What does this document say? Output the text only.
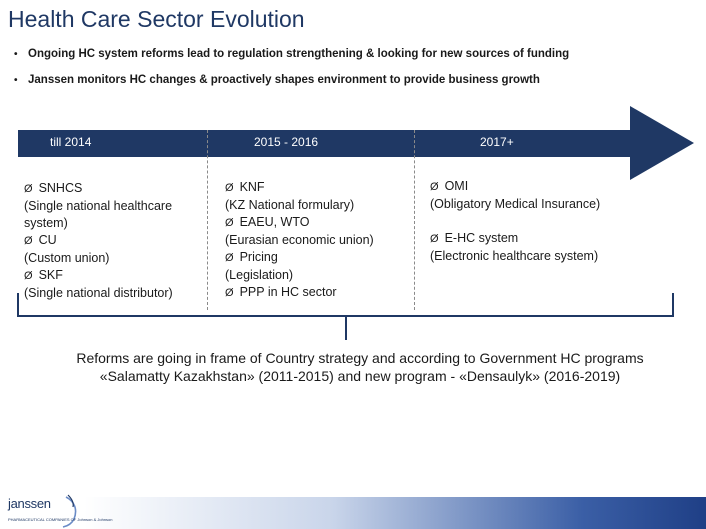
Health Care Sector Evolution
• Ongoing HC system reforms lead to regulation strengthening & looking for new sources of funding
• Janssen monitors HC changes & proactively shapes environment to provide business growth
till 2014	2015 - 2016	2017+
Ø SNHCS
(Single national healthcare
system)
Ø CU
(Custom union)
Ø SKF
(Single national distributor)
Ø KNF
(KZ National formulary)
Ø EAEU, WTO
(Eurasian economic union)
Ø Pricing
(Legislation)
Ø PPP in HC sector
Ø OMI
(Obligatory Medical Insurance)
Ø E-HC system
(Electronic healthcare system)
Reforms are going in frame of Country strategy and according to Government HC programs «Salamatty Kazakhstan» (2011-2015) and new program - «Densaulyk» (2016-2019)
janssen
PHARMACEUTICAL COMPANIES OF Johnson & Johnson
